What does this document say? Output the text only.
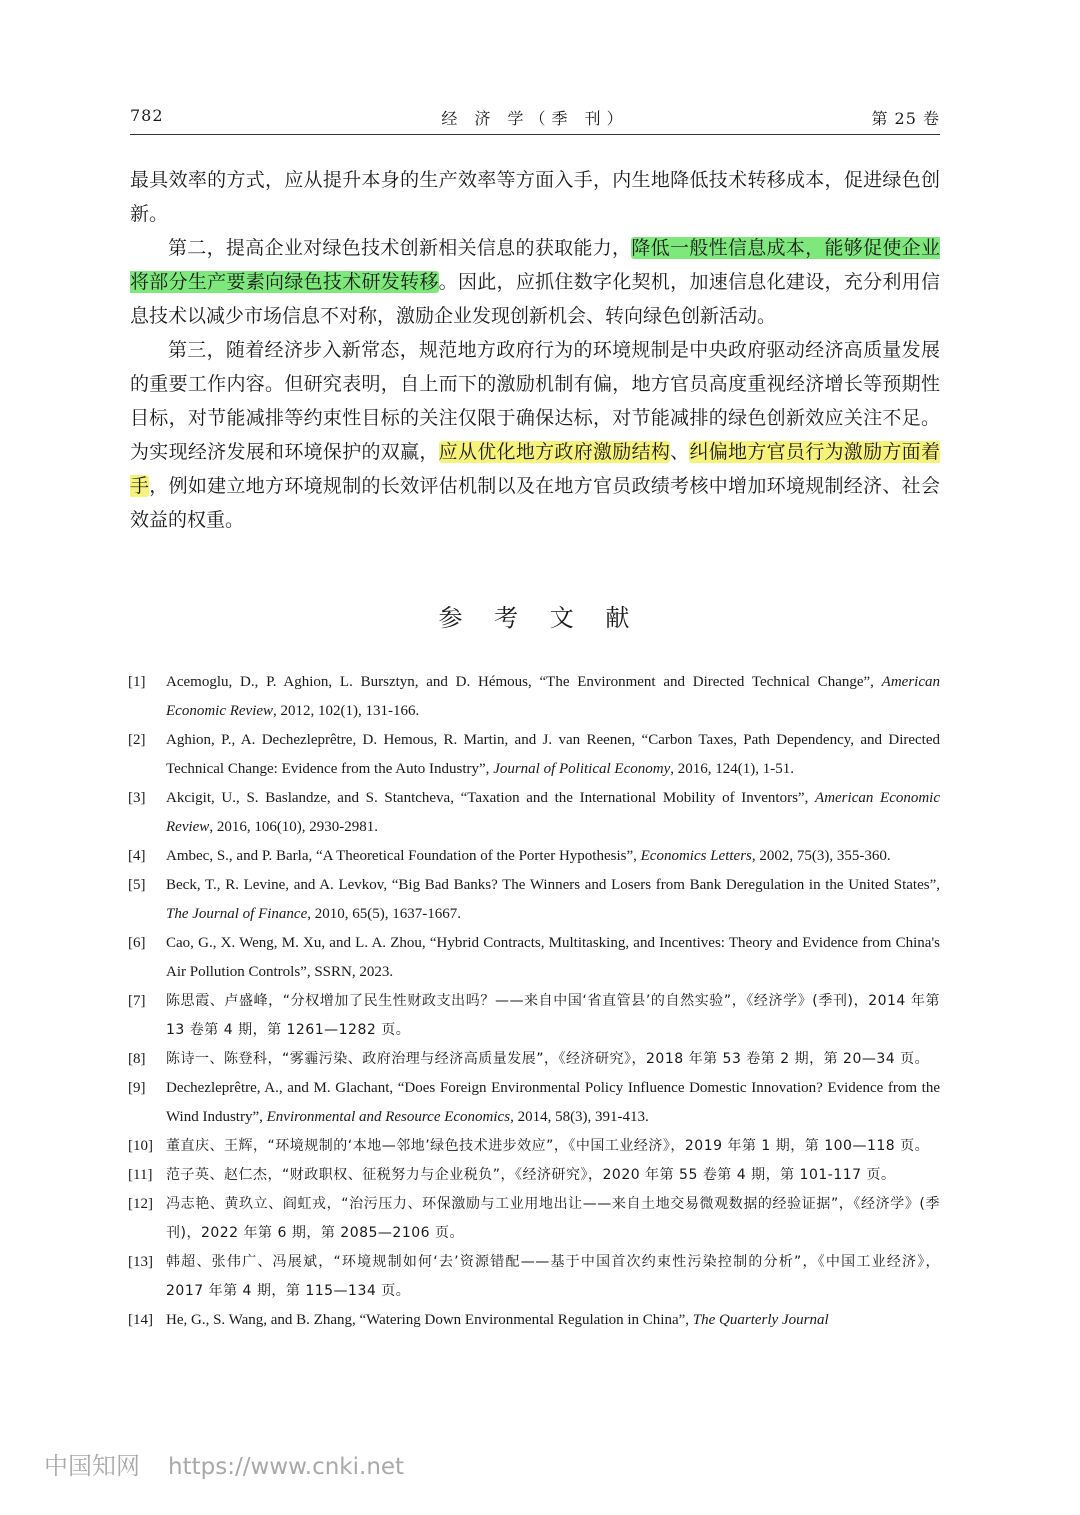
782	经 济 学（季 刊）	第 25 卷

最具效率的方式，应从提升本身的生产效率等方面入手，内生地降低技术转移成本，促进绿色创新。

第二，提高企业对绿色技术创新相关信息的获取能力，降低一般性信息成本，能够促使企业将部分生产要素向绿色技术研发转移。因此，应抓住数字化契机，加速信息化建设，充分利用信息技术以减少市场信息不对称，激励企业发现创新机会、转向绿色创新活动。

第三，随着经济步入新常态，规范地方政府行为的环境规制是中央政府驱动经济高质量发展的重要工作内容。但研究表明，自上而下的激励机制有偏，地方官员高度重视经济增长等预期性目标，对节能减排等约束性目标的关注仅限于确保达标，对节能减排的绿色创新效应关注不足。为实现经济发展和环境保护的双赢，应从优化地方政府激励结构、纠偏地方官员行为激励方面着手，例如建立地方环境规制的长效评估机制以及在地方官员政绩考核中增加环境规制经济、社会效益的权重。

参 考 文 献
[1]	Acemoglu, D., P. Aghion, L. Bursztyn, and D. Hémous, “The Environment and Directed Technical Change”, American Economic Review, 2012, 102(1), 131-166.
[2]	Aghion, P., A. Dechezleprêtre, D. Hemous, R. Martin, and J. van Reenen, “Carbon Taxes, Path Dependency, and Directed Technical Change: Evidence from the Auto Industry”, Journal of Political Economy, 2016, 124(1), 1-51.
[3]	Akcigit, U., S. Baslandze, and S. Stantcheva, “Taxation and the International Mobility of Inventors”, American Economic Review, 2016, 106(10), 2930-2981.
[4]	Ambec, S., and P. Barla, “A Theoretical Foundation of the Porter Hypothesis”, Economics Letters, 2002, 75(3), 355-360.
[5]	Beck, T., R. Levine, and A. Levkov, “Big Bad Banks? The Winners and Losers from Bank Deregulation in the United States”, The Journal of Finance, 2010, 65(5), 1637-1667.
[6]	Cao, G., X. Weng, M. Xu, and L. A. Zhou, “Hybrid Contracts, Multitasking, and Incentives: Theory and Evidence from China's Air Pollution Controls”, SSRN, 2023.
[7]	陈思霞、卢盛峰，“分权增加了民生性财政支出吗？——来自中国‘省直管县’的自然实验”，《经济学》(季刊)，2014 年第 13 卷第 4 期，第 1261—1282 页。
[8]	陈诗一、陈登科，“雾霾污染、政府治理与经济高质量发展”，《经济研究》，2018 年第 53 卷第 2 期，第 20—34 页。
[9]	Dechezleprêtre, A., and M. Glachant, “Does Foreign Environmental Policy Influence Domestic Innovation? Evidence from the Wind Industry”, Environmental and Resource Economics, 2014, 58(3), 391-413.
[10] 董直庆、王辉，“环境规制的‘本地—邻地’绿色技术进步效应”，《中国工业经济》，2019 年第 1 期，第 100—118 页。
[11] 范子英、赵仁杰，“财政职权、征税努力与企业税负”，《经济研究》，2020 年第 55 卷第 4 期，第 101-117 页。
[12] 冯志艳、黄玖立、阎虹戎，“治污压力、环保激励与工业用地出让——来自土地交易微观数据的经验证据”，《经济学》(季刊)，2022 年第 6 期，第 2085—2106 页。
[13] 韩超、张伟广、冯展斌，“环境规制如何‘去’资源错配——基于中国首次约束性污染控制的分析”，《中国工业经济》，2017 年第 4 期，第 115—134 页。
[14] He, G., S. Wang, and B. Zhang, “Watering Down Environmental Regulation in China”, The Quarterly Journal
中国知网 https://www.cnki.net
